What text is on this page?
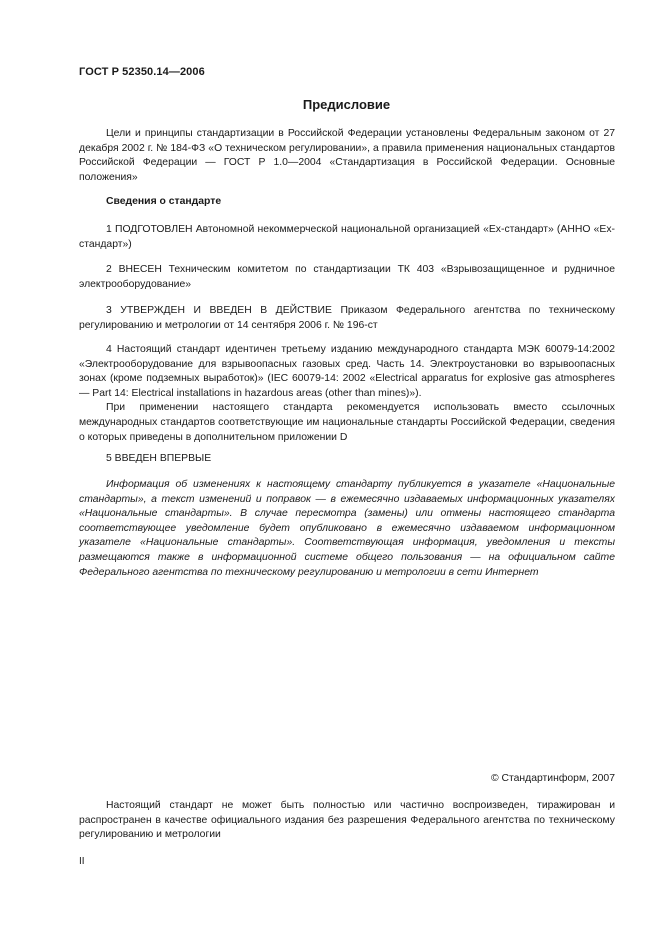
ГОСТ Р 52350.14—2006
Предисловие

Цели и принципы стандартизации в Российской Федерации установлены Федеральным законом от 27 декабря 2002 г. № 184-ФЗ «О техническом регулировании», а правила применения национальных стандартов Российской Федерации — ГОСТ Р 1.0—2004 «Стандартизация в Российской Федерации. Основные положения»

Сведения о стандарте

1 ПОДГОТОВЛЕН Автономной некоммерческой национальной организацией «Ех-стандарт» (АННО «Ех-стандарт»)

2 ВНЕСЕН Техническим комитетом по стандартизации ТК 403 «Взрывозащищенное и рудничное электрооборудование»

3 УТВЕРЖДЕН И ВВЕДЕН В ДЕЙСТВИЕ Приказом Федерального агентства по техническому регулированию и метрологии от 14 сентября 2006 г. № 196-ст

4 Настоящий стандарт идентичен третьему изданию международного стандарта МЭК 60079-14:2002 «Электрооборудование для взрывоопасных газовых сред. Часть 14. Электроустановки во взрывоопасных зонах (кроме подземных выработок)» (IEC 60079-14: 2002 «Electrical apparatus for explosive gas atmospheres — Part 14: Electrical installations in hazardous areas (other than mines)»).

При применении настоящего стандарта рекомендуется использовать вместо ссылочных международных стандартов соответствующие им национальные стандарты Российской Федерации, сведения о которых приведены в дополнительном приложении D

5 ВВЕДЕН ВПЕРВЫЕ

Информация об изменениях к настоящему стандарту публикуется в указателе «Национальные стандарты», а текст изменений и поправок — в ежемесячно издаваемых информационных указателях «Национальные стандарты». В случае пересмотра (замены) или отмены настоящего стандарта соответствующее уведомление будет опубликовано в ежемесячно издаваемом информационном указателе «Национальные стандарты». Соответствующая информация, уведомления и тексты размещаются также в информационной системе общего пользования — на официальном сайте Федерального агентства по техническому регулированию и метрологии в сети Интернет

© Стандартинформ, 2007

Настоящий стандарт не может быть полностью или частично воспроизведен, тиражирован и распространен в качестве официального издания без разрешения Федерального агентства по техническому регулированию и метрологии

II
